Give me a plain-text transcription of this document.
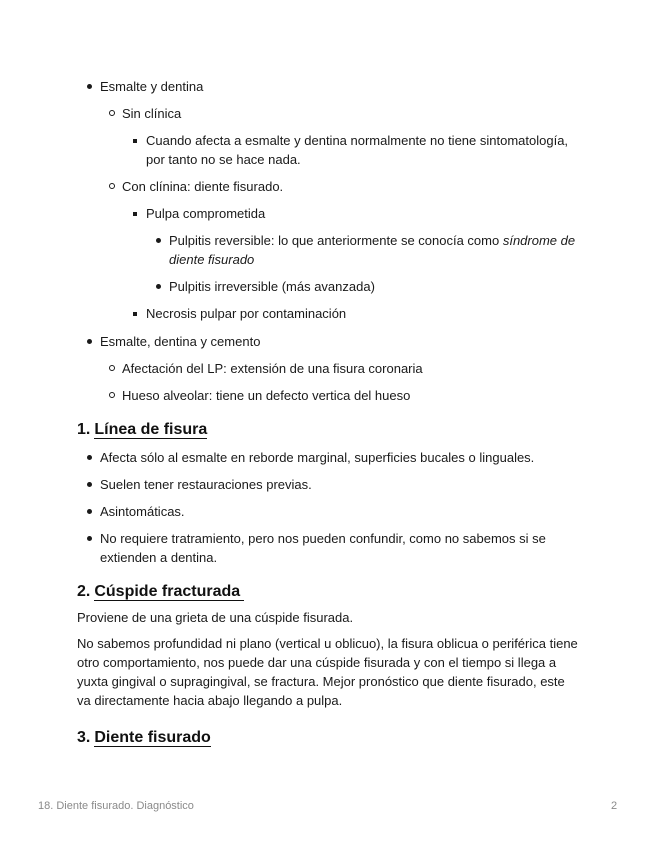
Esmalte y dentina
Sin clínica
Cuando afecta a esmalte y dentina normalmente no tiene sintomatología, por tanto no se hace nada.
Con clínina: diente fisurado.
Pulpa comprometida
Pulpitis reversible: lo que anteriormente se conocía como síndrome de diente fisurado
Pulpitis irreversible (más avanzada)
Necrosis pulpar por contaminación
Esmalte, dentina y cemento
Afectación del LP: extensión de una fisura coronaria
Hueso alveolar: tiene un defecto vertica del hueso
1. Línea de fisura
Afecta sólo al esmalte en reborde marginal, superficies bucales o linguales.
Suelen tener restauraciones previas.
Asintomáticas.
No requiere tratramiento, pero nos pueden confundir, como no sabemos si se extienden a dentina.
2. Cúspide fracturada

Proviene de una grieta de una cúspide fisurada.

No sabemos profundidad ni plano (vertical u oblicuo), la fisura oblicua o periférica tiene otro comportamiento, nos puede dar una cúspide fisurada y con el tiempo si llega a yuxta gingival o supragingival, se fractura. Mejor pronóstico que diente fisurado, este va directamente hacia abajo llegando a pulpa.

3. Diente fisurado
18. Diente fisurado. Diagnóstico	2
